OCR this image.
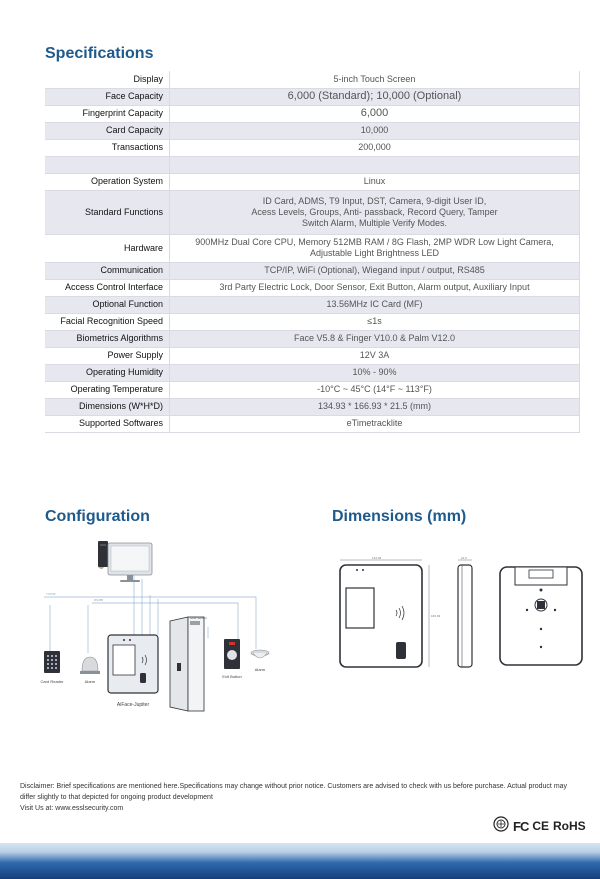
Specifications
Display	5-inch Touch Screen
Face Capacity	6,000 (Standard); 10,000 (Optional)
Fingerprint Capacity	6,000
Card Capacity	10,000
Transactions	200,000

Operation System	Linux
Standard Functions	ID Card, ADMS, T9 Input, DST, Camera, 9-digit User ID, Acess Levels, Groups, Anti- passback, Record Query, Tamper Switch Alarm, Multiple Verify Modes.
Hardware	900MHz Dual Core CPU, Memory 512MB RAM / 8G Flash, 2MP WDR Low Light Camera, Adjustable Light Brightness LED
Communication	TCP/IP, WiFi (Optional), Wiegand input / output, RS485
Access Control Interface	3rd Party Electric Lock, Door Sensor, Exit Button, Alarm output, Auxiliary Input
Optional Function	13.56MHz IC Card (MF)
Facial Recognition Speed	≤1s
Biometrics Algorithms	Face V5.8 & Finger V10.0 & Palm V12.0
Power Supply	12V 3A
Operating Humidity	10% - 90%
Operating Temperature	-10°C ~ 45°C (14°F ~ 113°F)
Dimensions (W*H*D)	134.93 * 166.93 * 21.5 (mm)
Supported Softwares	eTimetracklite
Configuration	Dimensions (mm)
TCP/IP
RS485
AiFace-Jupiter
Door Sensor
Card Reader	Alarm
Exit Button
Alarm
134.93
166.93
21.5
Disclaimer: Brief specifications are mentioned here.Specifications may change without prior notice. Customers are advised to check with us before purchase. Actual product may
differ slightly to that depicted for ongoing product development
Visit Us at: www.esslsecurity.com
FC CE RoHS
